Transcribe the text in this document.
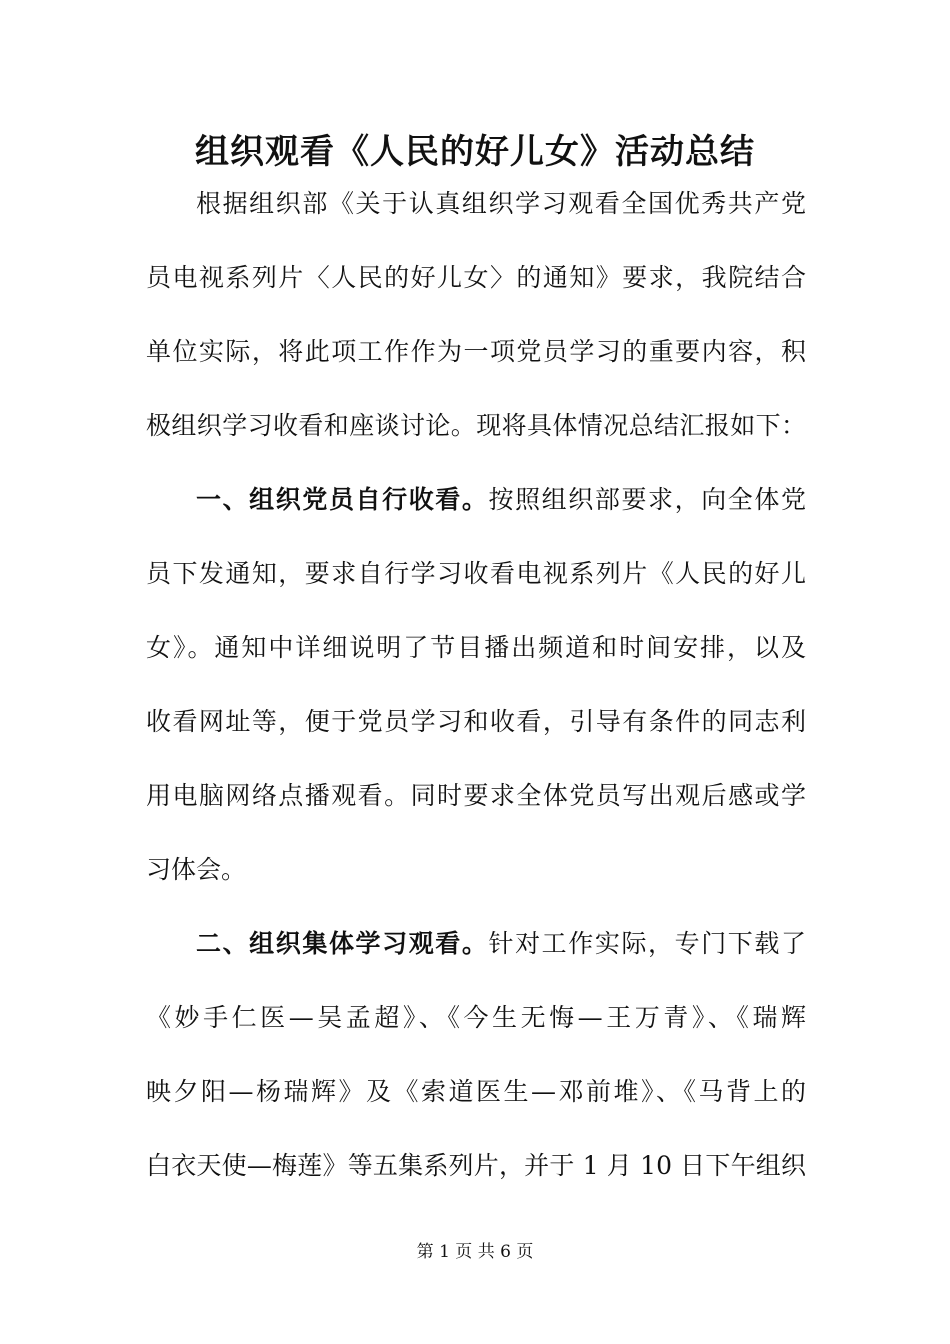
组织观看《人民的好儿女》活动总结

根据组织部《关于认真组织学习观看全国优秀共产党

员电视系列片〈人民的好儿女〉的通知》要求，我院结合

单位实际，将此项工作作为一项党员学习的重要内容，积

极组织学习收看和座谈讨论。现将具体情况总结汇报如下：

一、组织党员自行收看。按照组织部要求，向全体党

员下发通知，要求自行学习收看电视系列片《人民的好儿

女》。通知中详细说明了节目播出频道和时间安排，以及

收看网址等，便于党员学习和收看，引导有条件的同志利

用电脑网络点播观看。同时要求全体党员写出观后感或学

习体会。

二、组织集体学习观看。针对工作实际，专门下载了

《妙手仁医—吴孟超》、《今生无悔—王万青》、《瑞辉

映夕阳—杨瑞辉》及《索道医生—邓前堆》、《马背上的

白衣天使—梅莲》等五集系列片，并于 1 月 10 日下午组织

第 1 页 共 6 页
